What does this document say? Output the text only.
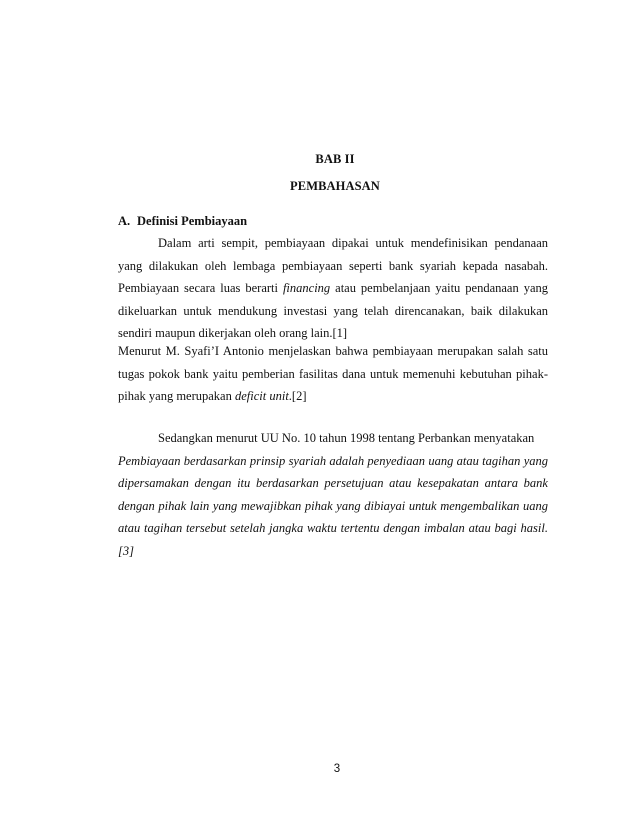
BAB II
PEMBAHASAN
A. Definisi Pembiayaan

Dalam arti sempit, pembiayaan dipakai untuk mendefinisikan pendanaan yang dilakukan oleh lembaga pembiayaan seperti bank syariah kepada nasabah. Pembiayaan secara luas berarti financing atau pembelanjaan yaitu pendanaan yang dikeluarkan untuk mendukung investasi yang telah direncanakan, baik dilakukan sendiri maupun dikerjakan oleh orang lain.[1]

Menurut M. Syafi’I Antonio menjelaskan bahwa pembiayaan merupakan salah satu tugas pokok bank yaitu pemberian fasilitas dana untuk memenuhi kebutuhan pihak-pihak yang merupakan deficit unit.[2]

Sedangkan menurut UU No. 10 tahun 1998 tentang Perbankan menyatakan
Pembiayaan berdasarkan prinsip syariah adalah penyediaan uang atau tagihan yang dipersamakan dengan itu berdasarkan persetujuan atau kesepakatan antara bank dengan pihak lain yang mewajibkan pihak yang dibiayai untuk mengembalikan uang atau tagihan tersebut setelah jangka waktu tertentu dengan imbalan atau bagi hasil.[3]
3
